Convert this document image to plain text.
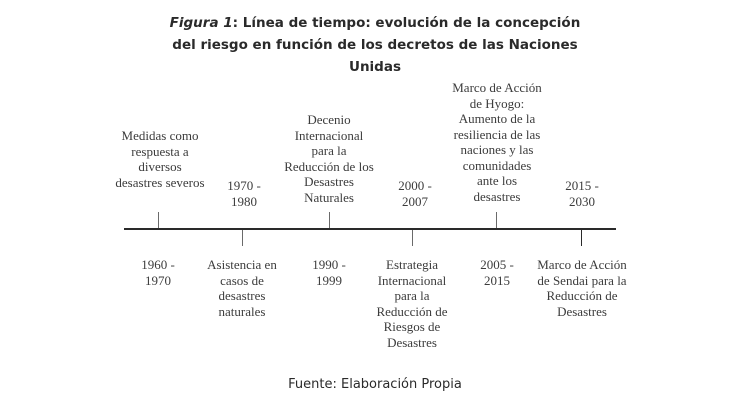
Figura 1: Línea de tiempo: evolución de la concepción del riesgo en función de los decretos de las Naciones Unidas
Medidas como
respuesta a
diversos
desastres severos	1970 -
1980
Decenio
Internacional
para la
Reducción de los
Desastres
Naturales
2000 -
2007
Marco de Acción
de Hyogo:
Aumento de la
resiliencia de las
naciones y las
comunidades
ante los
desastres
2015 -
2030
1960 -
1970
Asistencia en
casos de
desastres
naturales
1990 -
1999
Estrategia
Internacional
para la
Reducción de
Riesgos de
Desastres
2005 -
2015
Marco de Acción
de Sendai para la
Reducción de
Desastres
Fuente: Elaboración Propia
